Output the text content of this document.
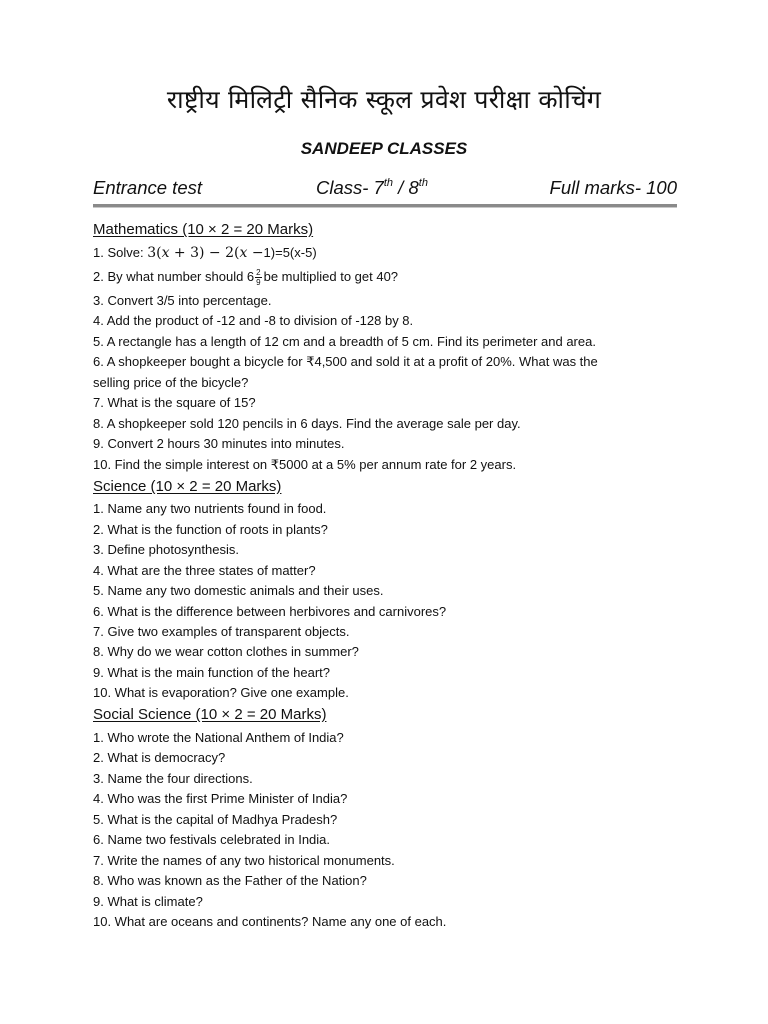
राष्ट्रीय मिलिट्री सैनिक स्कूल प्रवेश परीक्षा कोचिंग
SANDEEP CLASSES
Entrance test	Class- 7th / 8th	Full marks- 100
Mathematics (10 × 2 = 20 Marks)
1. Solve: 3(𝑥 + 3) − 2(𝑥 −1)=5(x-5)
2. By what number should $6 \frac{2}{9}$ be multiplied to get 40?
3. Convert 3/5 into percentage.
4. Add the product of -12 and -8 to division of -128 by 8.
5. A rectangle has a length of 12 cm and a breadth of 5 cm. Find its perimeter and area.
6. A shopkeeper bought a bicycle for ₹4,500 and sold it at a profit of 20%. What was the
selling price of the bicycle?
7. What is the square of 15?
8. A shopkeeper sold 120 pencils in 6 days. Find the average sale per day.
9. Convert 2 hours 30 minutes into minutes.
10. Find the simple interest on ₹5000 at a 5% per annum rate for 2 years.
Science (10 × 2 = 20 Marks)
1. Name any two nutrients found in food.
2. What is the function of roots in plants?
3. Define photosynthesis.
4. What are the three states of matter?
5. Name any two domestic animals and their uses.
6. What is the difference between herbivores and carnivores?
7. Give two examples of transparent objects.
8. Why do we wear cotton clothes in summer?
9. What is the main function of the heart?
10. What is evaporation? Give one example.
Social Science (10 × 2 = 20 Marks)
1. Who wrote the National Anthem of India?
2. What is democracy?
3. Name the four directions.
4. Who was the first Prime Minister of India?
5. What is the capital of Madhya Pradesh?
6. Name two festivals celebrated in India.
7. Write the names of any two historical monuments.
8. Who was known as the Father of the Nation?
9. What is climate?
10. What are oceans and continents? Name any one of each.
